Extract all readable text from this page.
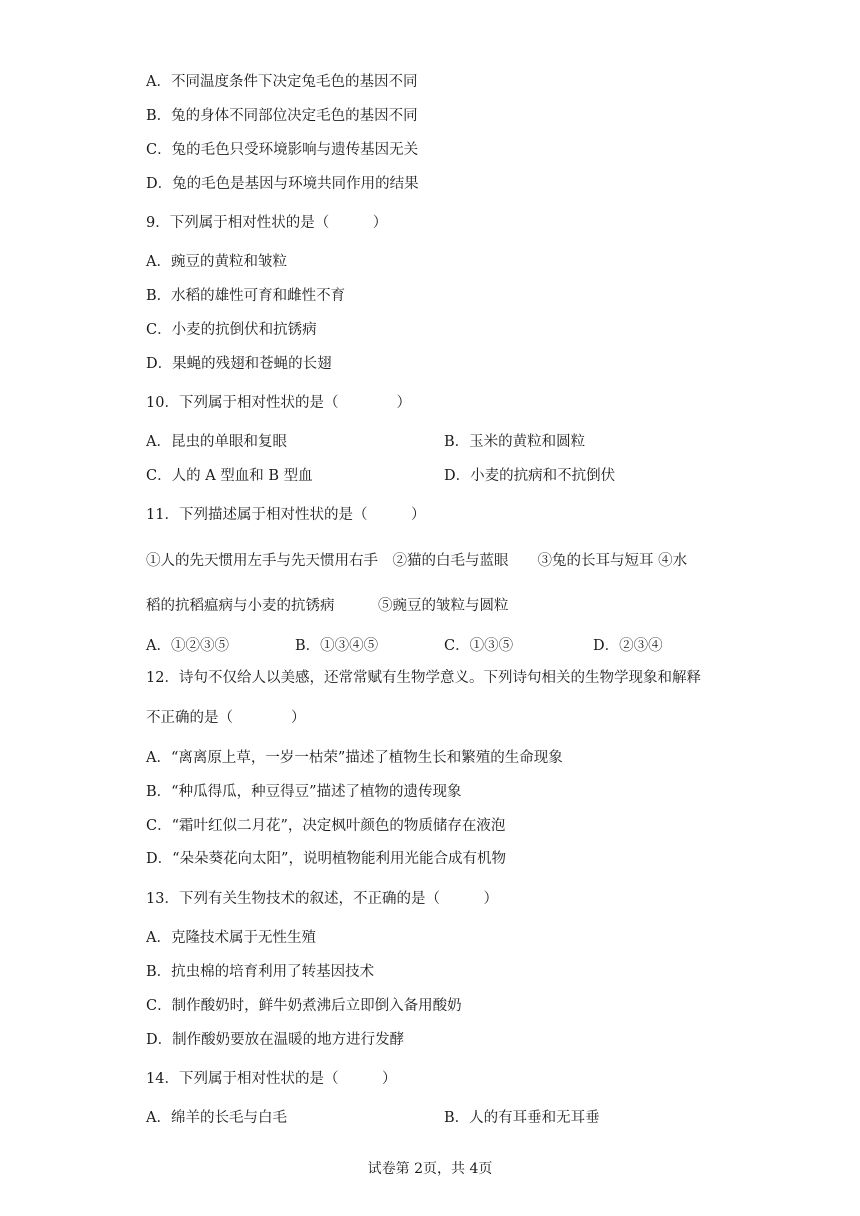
A．不同温度条件下决定兔毛色的基因不同
B．兔的身体不同部位决定毛色的基因不同
C．兔的毛色只受环境影响与遗传基因无关
D．兔的毛色是基因与环境共同作用的结果
9．下列属于相对性状的是（　　　）
A．豌豆的黄粒和皱粒
B．水稻的雄性可育和雌性不育
C．小麦的抗倒伏和抗锈病
D．果蝇的残翅和苍蝇的长翅
10．下列属于相对性状的是（　　　　）
A．昆虫的单眼和复眼	B．玉米的黄粒和圆粒
C．人的 A 型血和 B 型血	D．小麦的抗病和不抗倒伏
11．下列描述属于相对性状的是（　　　）
①人的先天惯用左手与先天惯用右手　②猫的白毛与蓝眼　　③兔的长耳与短耳 ④水
稻的抗稻瘟病与小麦的抗锈病　　　⑤豌豆的皱粒与圆粒
A．①②③⑤	B．①③④⑤	C．①③⑤	D．②③④
12．诗句不仅给人以美感，还常常赋有生物学意义。下列诗句相关的生物学现象和解释
不正确的是（　　　　）
A．“离离原上草，一岁一枯荣”描述了植物生长和繁殖的生命现象
B．“种瓜得瓜，种豆得豆”描述了植物的遗传现象
C．“霜叶红似二月花”，决定枫叶颜色的物质储存在液泡
D．“朵朵葵花向太阳”，说明植物能利用光能合成有机物
13．下列有关生物技术的叙述，不正确的是（　　　）
A．克隆技术属于无性生殖
B．抗虫棉的培育利用了转基因技术
C．制作酸奶时，鲜牛奶煮沸后立即倒入备用酸奶
D．制作酸奶要放在温暖的地方进行发酵
14．下列属于相对性状的是（　　　）
A．绵羊的长毛与白毛	B．人的有耳垂和无耳垂
试卷第 2页，共 4页
